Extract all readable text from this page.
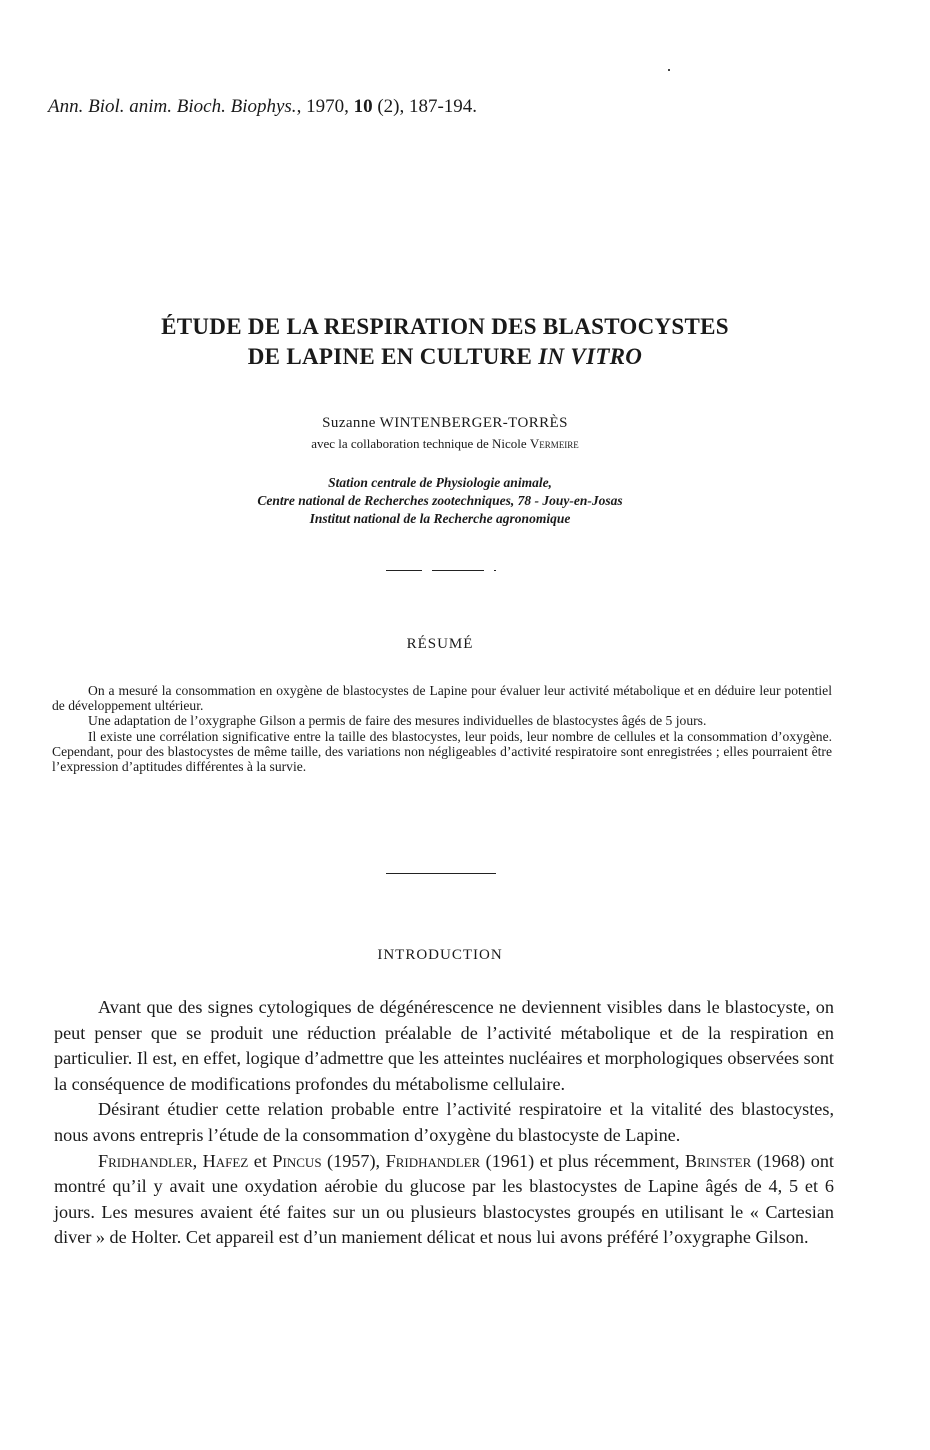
Ann. Biol. anim. Bioch. Biophys., 1970, 10 (2), 187-194.
ÉTUDE DE LA RESPIRATION DES BLASTOCYSTES
DE LAPINE EN CULTURE IN VITRO
Suzanne WINTENBERGER-TORRÈS
avec la collaboration technique de Nicole Vermeire
Station centrale de Physiologie animale,
Centre national de Recherches zootechniques, 78 - Jouy-en-Josas
Institut national de la Recherche agronomique
RÉSUMÉ

On a mesuré la consommation en oxygène de blastocystes de Lapine pour évaluer leur activité métabolique et en déduire leur potentiel de développement ultérieur.

Une adaptation de l’oxygraphe Gilson a permis de faire des mesures individuelles de blastocystes âgés de 5 jours.

Il existe une corrélation significative entre la taille des blastocystes, leur poids, leur nombre de cellules et la consommation d’oxygène. Cependant, pour des blastocystes de même taille, des variations non négligeables d’activité respiratoire sont enregistrées ; elles pourraient être l’expression d’aptitudes différentes à la survie.

INTRODUCTION

Avant que des signes cytologiques de dégénérescence ne deviennent visibles dans le blastocyste, on peut penser que se produit une réduction préalable de l’activité métabolique et de la respiration en particulier. Il est, en effet, logique d’admettre que les atteintes nucléaires et morphologiques observées sont la conséquence de modifications profondes du métabolisme cellulaire.

Désirant étudier cette relation probable entre l’activité respiratoire et la vitalité des blastocystes, nous avons entrepris l’étude de la consommation d’oxygène du blastocyste de Lapine.

Fridhandler, Hafez et Pincus (1957), Fridhandler (1961) et plus récemment, Brinster (1968) ont montré qu’il y avait une oxydation aérobie du glucose par les blastocystes de Lapine âgés de 4, 5 et 6 jours. Les mesures avaient été faites sur un ou plusieurs blastocystes groupés en utilisant le « Cartesian diver » de Holter. Cet appareil est d’un maniement délicat et nous lui avons préféré l’oxygraphe Gilson.
